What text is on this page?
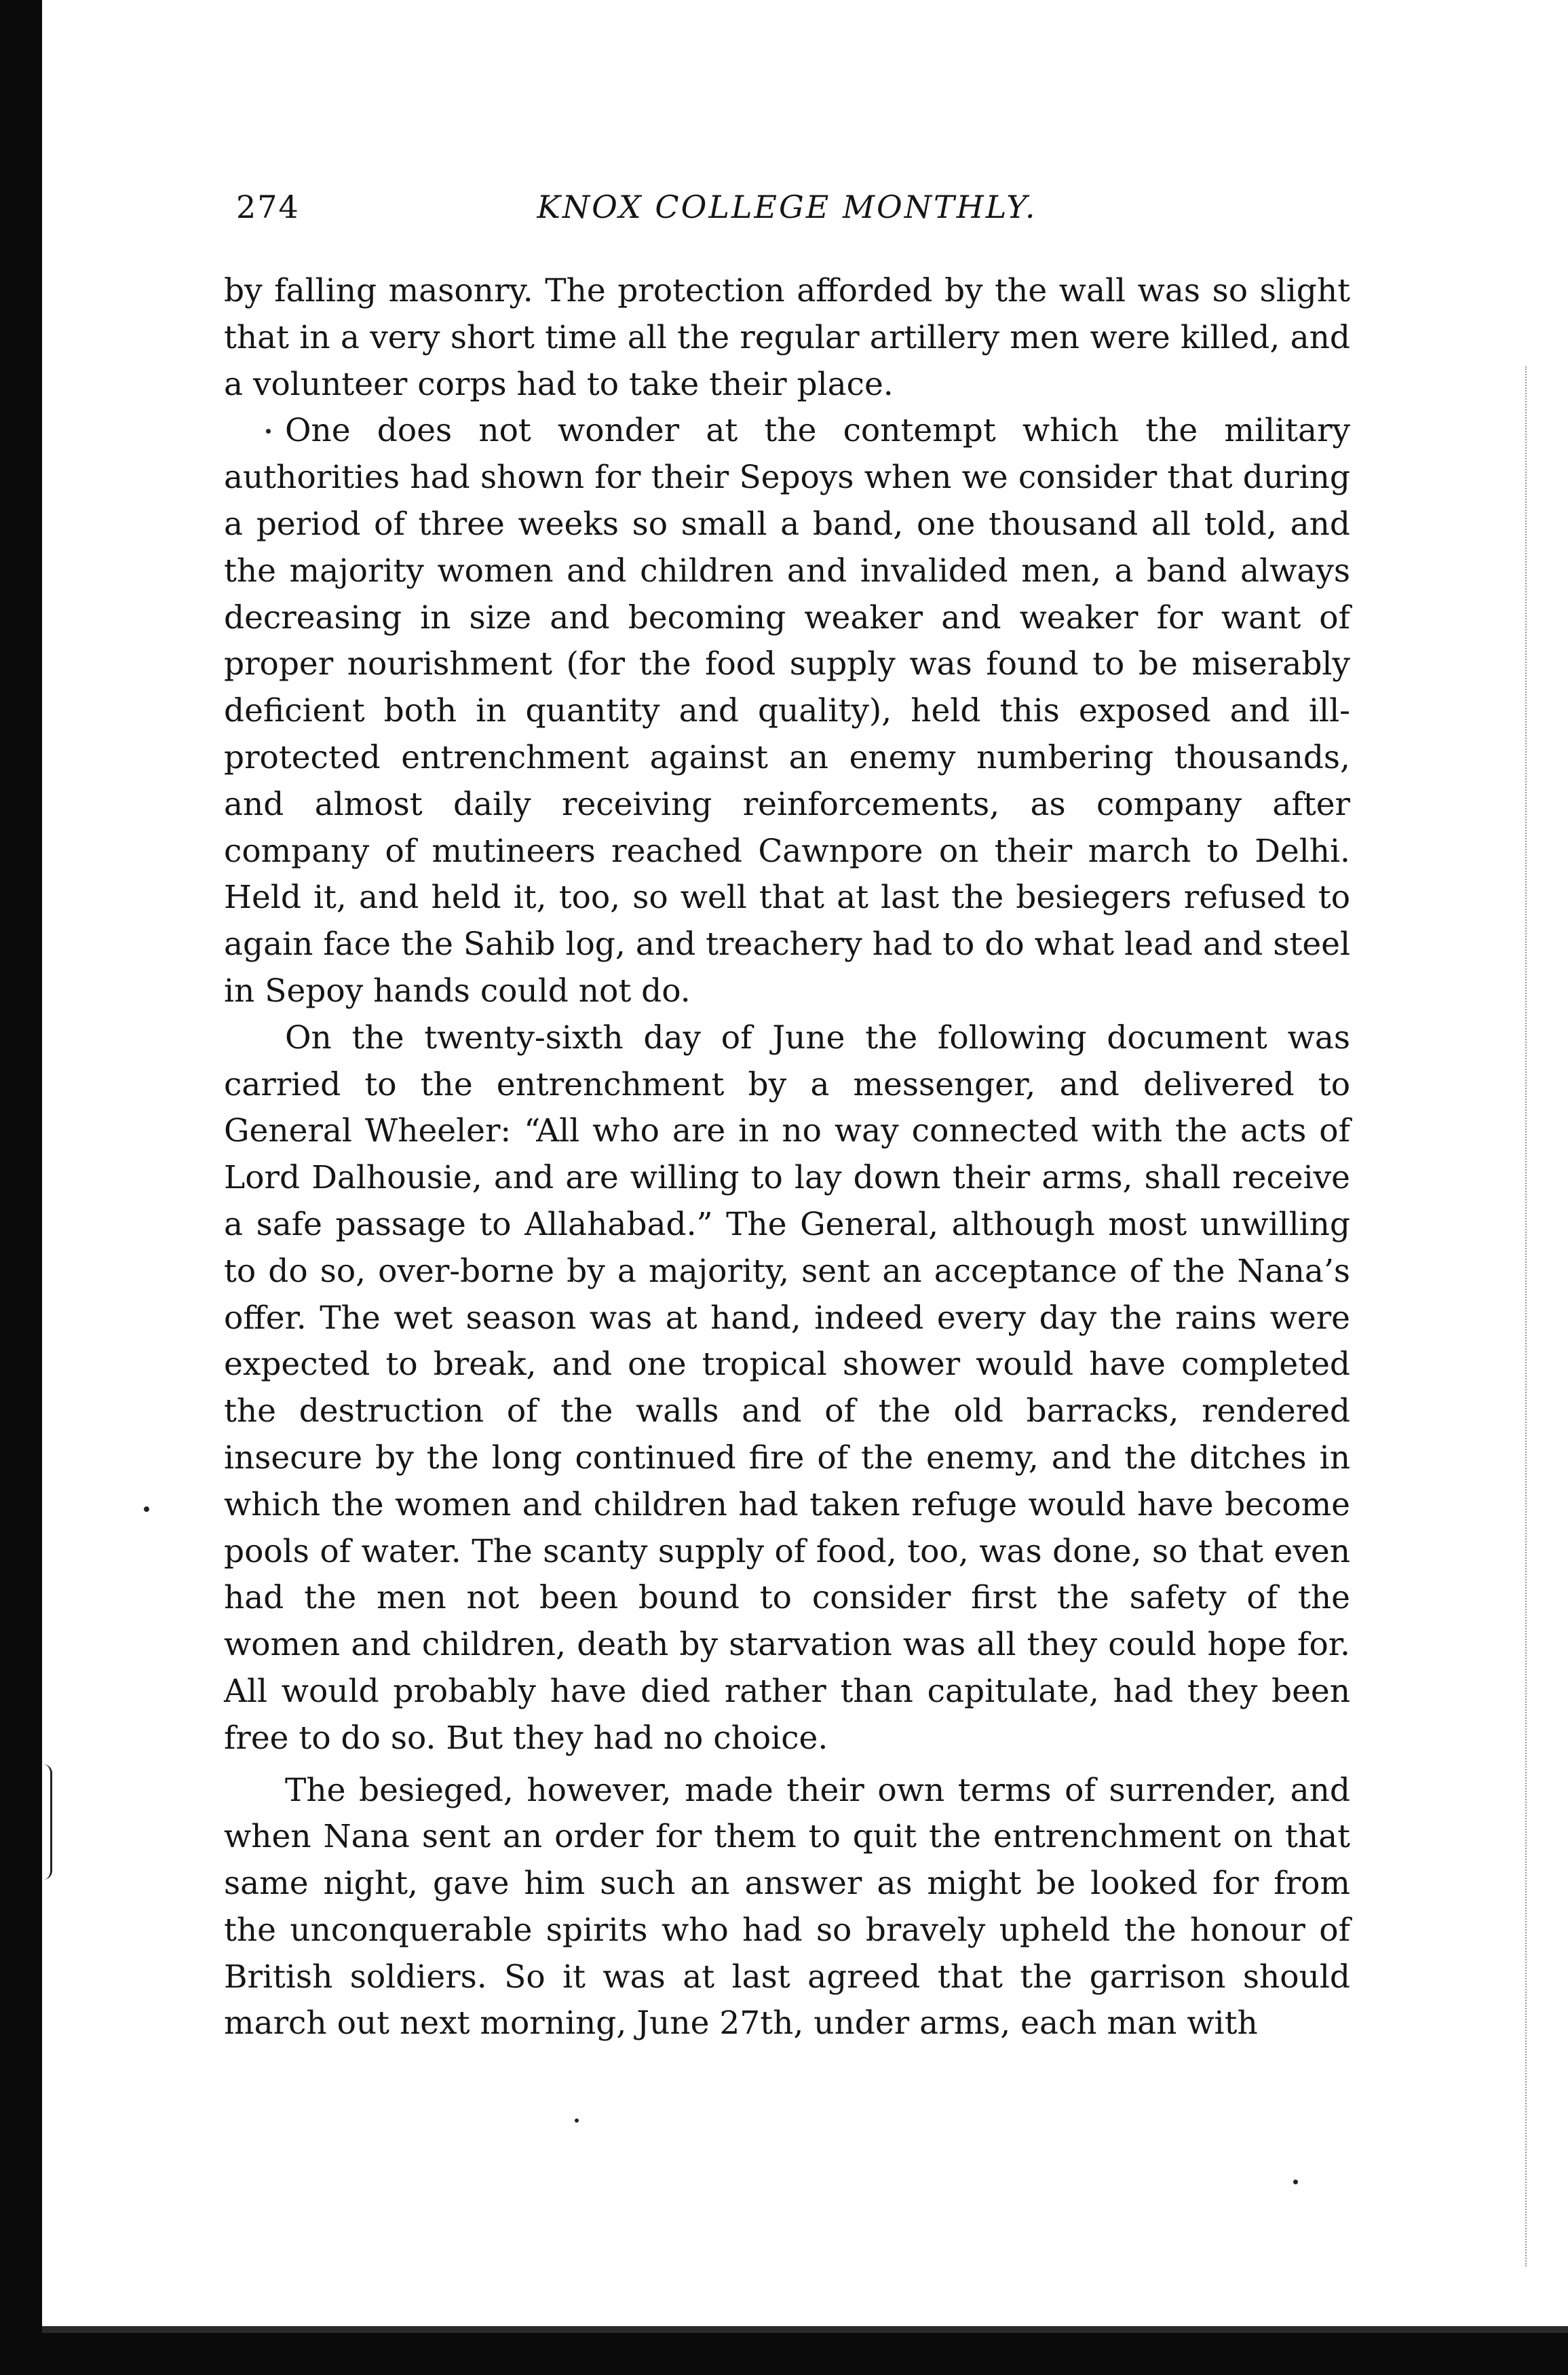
274	KNOX COLLEGE MONTHLY.

by falling masonry. The protection afforded by the wall was so slight that in a very short time all the regular artillery men were killed, and a volunteer corps had to take their place.

One does not wonder at the contempt which the military authorities had shown for their Sepoys when we consider that during a period of three weeks so small a band, one thousand all told, and the majority women and children and invalided men, a band always decreasing in size and becoming weaker and weaker for want of proper nourishment (for the food supply was found to be miserably deficient both in quantity and quality), held this exposed and ill-protected entrenchment against an enemy numbering thousands, and almost daily receiving reinforcements, as company after company of mutineers reached Cawnpore on their march to Delhi. Held it, and held it, too, so well that at last the besiegers refused to again face the Sahib log, and treachery had to do what lead and steel in Sepoy hands could not do.

On the twenty-sixth day of June the following document was carried to the entrenchment by a messenger, and delivered to General Wheeler: “All who are in no way connected with the acts of Lord Dalhousie, and are willing to lay down their arms, shall receive a safe passage to Allahabad.” The General, although most unwilling to do so, over-borne by a majority, sent an acceptance of the Nana’s offer. The wet season was at hand, indeed every day the rains were expected to break, and one tropical shower would have completed the destruction of the walls and of the old barracks, rendered insecure by the long continued fire of the enemy, and the ditches in which the women and children had taken refuge would have become pools of water. The scanty supply of food, too, was done, so that even had the men not been bound to consider first the safety of the women and children, death by starvation was all they could hope for. All would probably have died rather than capitulate, had they been free to do so. But they had no choice.

The besieged, however, made their own terms of surrender, and when Nana sent an order for them to quit the entrenchment on that same night, gave him such an answer as might be looked for from the unconquerable spirits who had so bravely upheld the honour of British soldiers. So it was at last agreed that the garrison should march out next morning, June 27th, under arms, each man with
